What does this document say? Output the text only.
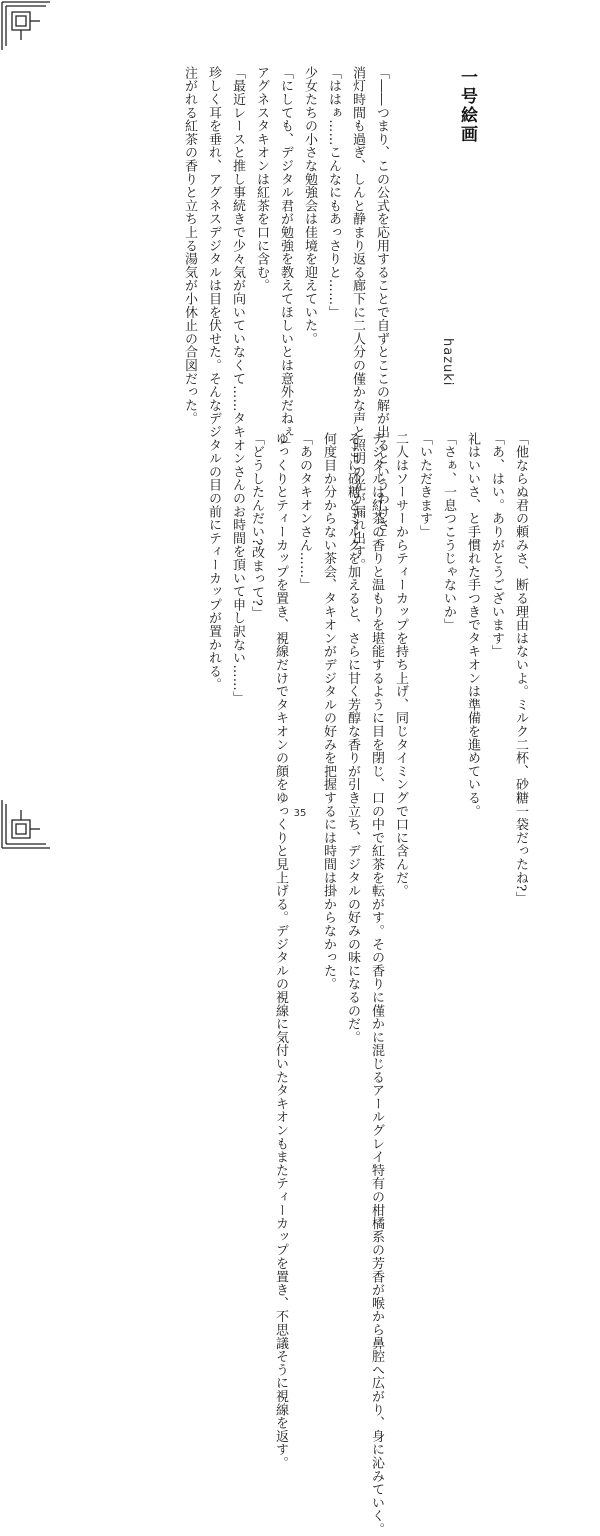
一号絵画
hazuki

「――つまり、この公式を応用することで自ずとここの解が出るというわけさ」

消灯時間も過ぎ、しんと静まり返る廊下に二人分の僅かな声と照明の光が漏れ出す。

「ははぁ……こんなにもあっさりと……」

少女たちの小さな勉強会は佳境を迎えていた。

「にしても、デジタル君が勉強を教えてほしいとは意外だねぇ」

アグネスタキオンは紅茶を口に含む。

「最近レースと推し事続きで少々気が向いていなくて……タキオンさんのお時間を頂いて申し訳ない……」

珍しく耳を垂れ、アグネスデジタルは目を伏せた。そんなデジタルの目の前にティーカップが置かれる。

注がれる紅茶の香りと立ち上る湯気が小休止の合図だった。

「他ならぬ君の頼みさ、断る理由はないよ。ミルク二杯、砂糖一袋だったね?」

「あ、はい。ありがとうございます」

礼はいいさ、と手慣れた手つきでタキオンは準備を進めている。

「さぁ、一息つこうじゃないか」

「いただきます」

二人はソーサーからティーカップを持ち上げ、同じタイミングで口に含んだ。

デジタルは紅茶の香りと温もりを堪能するように目を閉じ、口の中で紅茶を転がす。その香りに僅かに混じるアールグレイ特有の柑橘系の芳香が喉から鼻腔へ広がり、身に沁みていく。

そこに砂糖とミルクを加えると、さらに甘く芳醇な香りが引き立ち、デジタルの好みの味になるのだ。

何度目か分からない茶会、タキオンがデジタルの好みを把握するには時間は掛からなかった。

「あのタキオンさん……」

ゆっくりとティーカップを置き、視線だけでタキオンの顔をゆっくりと見上げる。デジタルの視線に気付いたタキオンもまたティーカップを置き、不思議そうに視線を返す。

「どうしたんだい?改まって?」

35
